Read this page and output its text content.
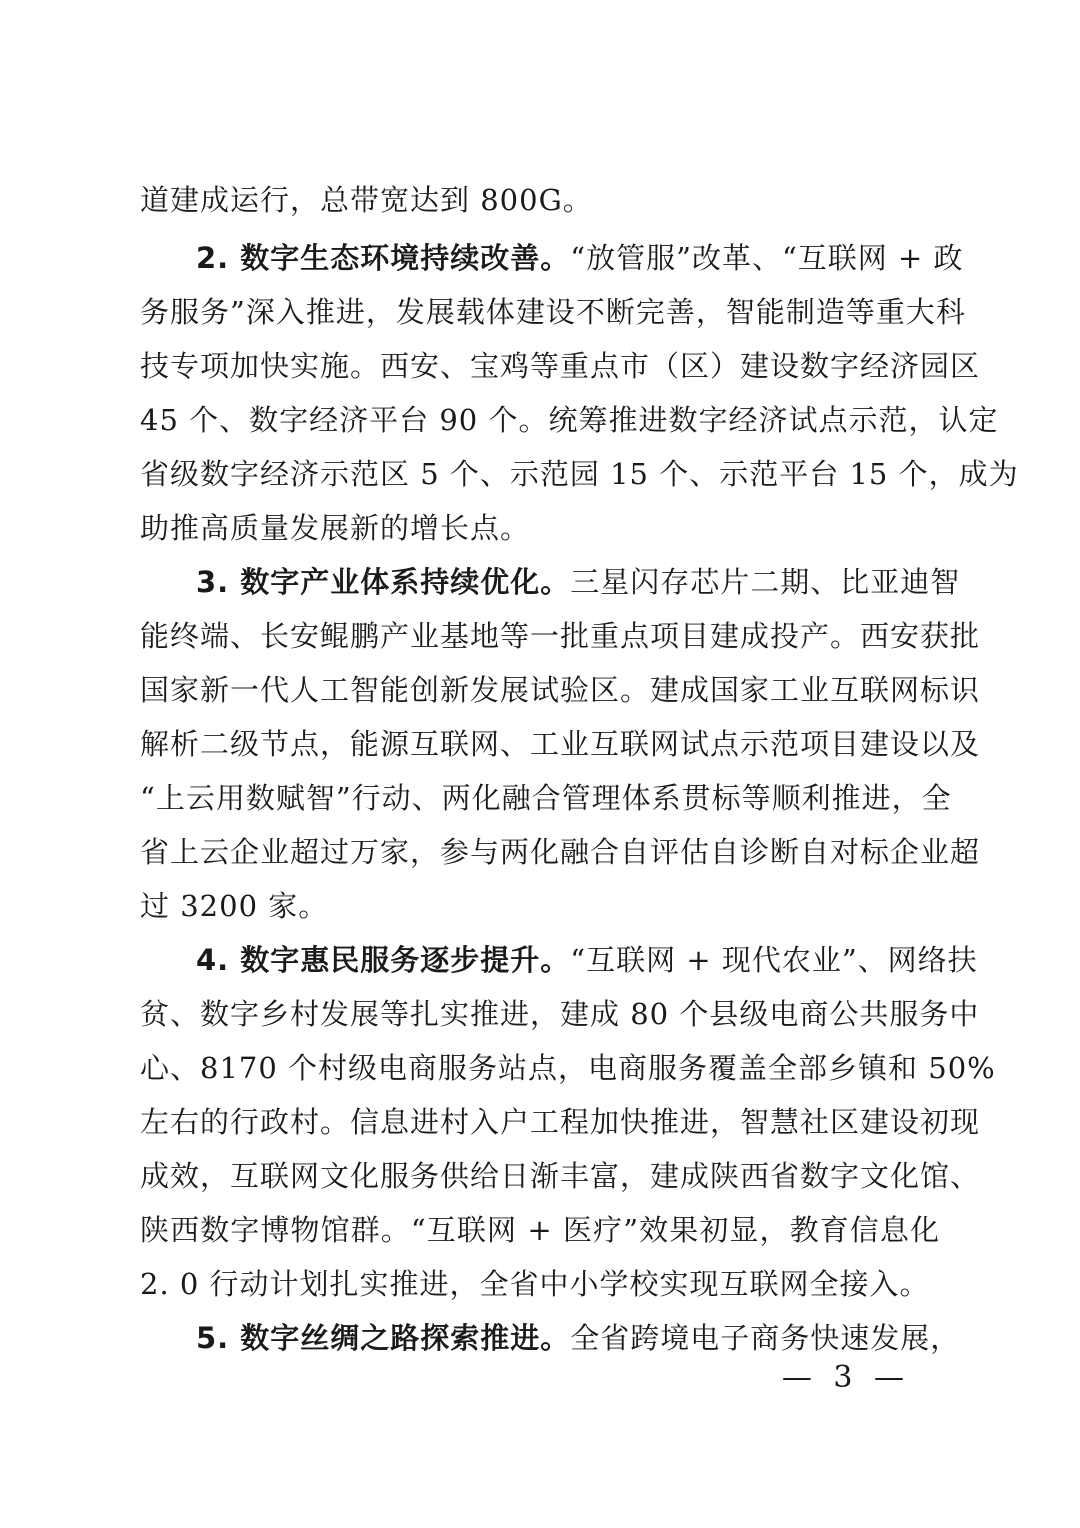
道建成运行，总带宽达到 800G。
2. 数字生态环境持续改善。“放管服”改革、“互联网 + 政
务服务”深入推进，发展载体建设不断完善，智能制造等重大科
技专项加快实施。西安、宝鸡等重点市（区）建设数字经济园区
45 个、数字经济平台 90 个。统筹推进数字经济试点示范，认定
省级数字经济示范区 5 个、示范园 15 个、示范平台 15 个，成为
助推高质量发展新的增长点。
3. 数字产业体系持续优化。三星闪存芯片二期、比亚迪智
能终端、长安鲲鹏产业基地等一批重点项目建成投产。西安获批
国家新一代人工智能创新发展试验区。建成国家工业互联网标识
解析二级节点，能源互联网、工业互联网试点示范项目建设以及
“上云用数赋智”行动、两化融合管理体系贯标等顺利推进，全
省上云企业超过万家，参与两化融合自评估自诊断自对标企业超
过 3200 家。
4. 数字惠民服务逐步提升。“互联网 + 现代农业”、网络扶
贫、数字乡村发展等扎实推进，建成 80 个县级电商公共服务中
心、8170 个村级电商服务站点，电商服务覆盖全部乡镇和 50%
左右的行政村。信息进村入户工程加快推进，智慧社区建设初现
成效，互联网文化服务供给日渐丰富，建成陕西省数字文化馆、
陕西数字博物馆群。“互联网 + 医疗”效果初显，教育信息化
2. 0 行动计划扎实推进，全省中小学校实现互联网全接入。
5. 数字丝绸之路探索推进。全省跨境电子商务快速发展，
— 3 —
